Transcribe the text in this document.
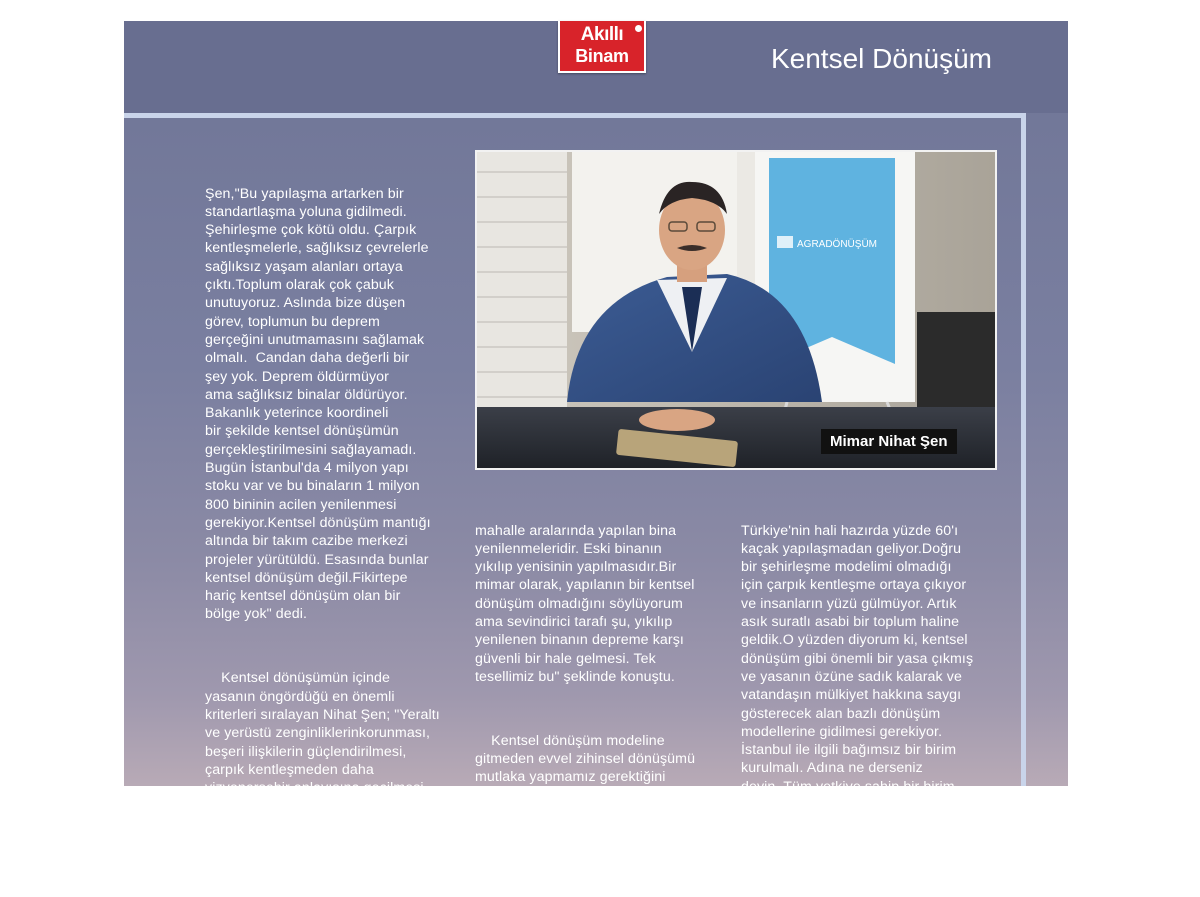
Akıllı
Binam	Kentsel Dönüşüm

Şen,"Bu yapılaşma artarken bir
standartlaşma yoluna gidilmedi.
Şehirleşme çok kötü oldu. Çarpık
kentleşmelerle, sağlıksız çevrelerle
sağlıksız yaşam alanları ortaya
çıktı.Toplum olarak çok çabuk
unutuyoruz. Aslında bize düşen
görev, toplumun bu deprem
gerçeğini unutmamasını sağlamak
olmalı.  Candan daha değerli bir
şey yok. Deprem öldürmüyor
ama sağlıksız binalar öldürüyor.
Bakanlık yeterince koordineli
bir şekilde kentsel dönüşümün
gerçekleştirilmesini sağlayamadı.
Bugün İstanbul'da 4 milyon yapı
stoku var ve bu binaların 1 milyon
800 bininin acilen yenilenmesi
gerekiyor.Kentsel dönüşüm mantığı
altında bir takım cazibe merkezi
projeler yürütüldü. Esasında bunlar
kentsel dönüşüm değil.Fikirtepe
hariç kentsel dönüşüm olan bir
bölge yok" dedi.

Kentsel dönüşümün içinde
yasanın öngördüğü en önemli
kriterleri sıralayan Nihat Şen; "Yeraltı
ve yerüstü zenginliklerinkorunması,
beşeri ilişkilerin güçlendirilmesi,
çarpık kentleşmeden daha
vizyonerşehir anlayışına geçilmesi,
insan sağlığını ön plana alan
projelerin gerçekleştirilmesi, bir
türlü oturtulamayan TürkMimari

AGRADÖNÜŞÜM
Mimar Nihat Şen

mahalle aralarında yapılan bina
yenilenmeleridir. Eski binanın
yıkılıp yenisinin yapılmasıdır.Bir
mimar olarak, yapılanın bir kentsel
dönüşüm olmadığını söylüyorum
ama sevindirici tarafı şu, yıkılıp
yenilenen binanın depreme karşı
güvenli bir hale gelmesi. Tek
tesellimiz bu" şeklinde konuştu.

Kentsel dönüşüm modeline
gitmeden evvel zihinsel dönüşümü
mutlaka yapmamız gerektiğini
vurgulayan Şen, "Bu zihinsel
dönüşümü gerçekleştirmeniz lazım
ki, yapısal ve çevresel dönüşümleri
de yapabilesiniz. Eğer siz beyninizi

Türkiye'nin hali hazırda yüzde 60'ı
kaçak yapılaşmadan geliyor.Doğru
bir şehirleşme modelimi olmadığı
için çarpık kentleşme ortaya çıkıyor
ve insanların yüzü gülmüyor. Artık
asık suratlı asabi bir toplum haline
geldik.O yüzden diyorum ki, kentsel
dönüşüm gibi önemli bir yasa çıkmış
ve yasanın özüne sadık kalarak ve
vatandaşın mülkiyet hakkına saygı
gösterecek alan bazlı dönüşüm
modellerine gidilmesi gerekiyor.
İstanbul ile ilgili bağımsız bir birim
kurulmalı. Adına ne derseniz
deyin. Tüm yetkiye sahip bir birim
oluşturulması şart.Merkez Ankara
